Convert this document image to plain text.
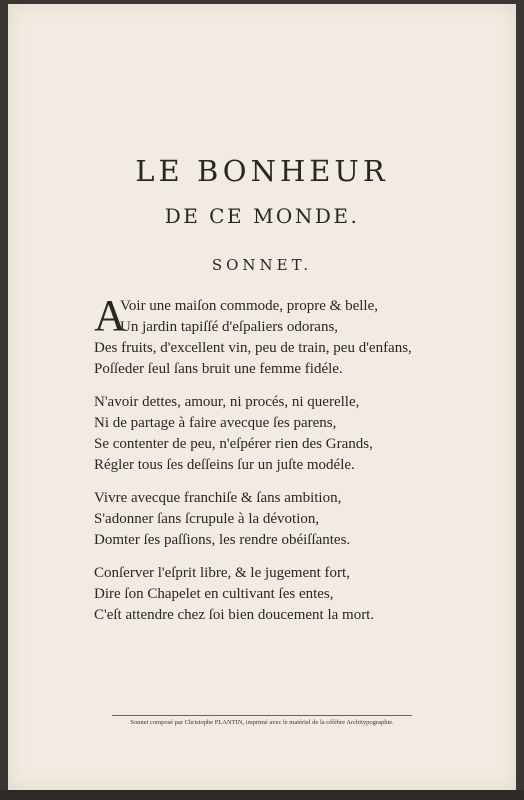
LE BONHEUR
DE CE MONDE.
SONNET.
A
Voir une maiſon commode, propre & belle,
Un jardin tapiſſé d'eſpaliers odorans,
Des fruits, d'excellent vin, peu de train, peu d'enfans,
Poſſeder ſeul ſans bruit une femme fidéle.
N'avoir dettes, amour, ni procés, ni querelle,
Ni de partage à faire avecque ſes parens,
Se contenter de peu, n'eſpérer rien des Grands,
Régler tous ſes deſſeins ſur un juſte modéle.
Vivre avecque franchiſe & ſans ambition,
S'adonner ſans ſcrupule à la dévotion,
Domter ſes paſſions, les rendre obéiſſantes.
Conſerver l'eſprit libre, & le jugement fort,
Dire ſon Chapelet en cultivant ſes entes,
C'eſt attendre chez ſoi bien doucement la mort.
Sonnet composé par Christophe PLANTIN, imprimé avec le matériel de la célèbre Architypographie.
